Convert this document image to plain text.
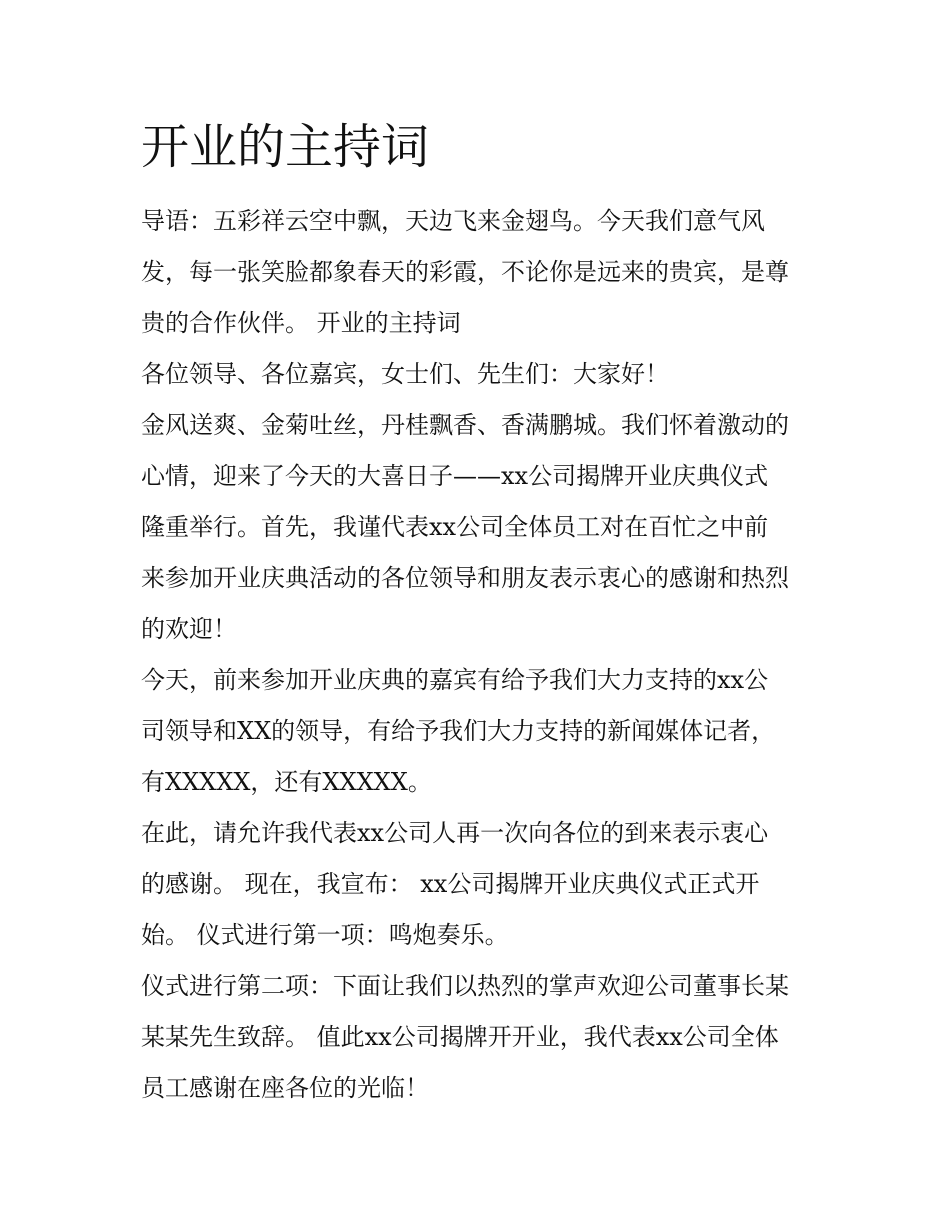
开业的主持词
导语：五彩祥云空中飘，天边飞来金翅鸟。今天我们意气风
发，每一张笑脸都象春天的彩霞，不论你是远来的贵宾，是尊
贵的合作伙伴。 开业的主持词
各位领导、各位嘉宾，女士们、先生们：大家好！
金风送爽、金菊吐丝，丹桂飘香、香满鹏城。我们怀着激动的
心情，迎来了今天的大喜日子——xx公司揭牌开业庆典仪式
隆重举行。首先，我谨代表xx公司全体员工对在百忙之中前
来参加开业庆典活动的各位领导和朋友表示衷心的感谢和热烈
的欢迎！
今天，前来参加开业庆典的嘉宾有给予我们大力支持的xx公
司领导和XX的领导，有给予我们大力支持的新闻媒体记者，
有XXXXX，还有XXXXX。
在此，请允许我代表xx公司人再一次向各位的到来表示衷心
的感谢。 现在，我宣布： xx公司揭牌开业庆典仪式正式开
始。 仪式进行第一项：鸣炮奏乐。
仪式进行第二项：下面让我们以热烈的掌声欢迎公司董事长某
某某先生致辞。 值此xx公司揭牌开开业，我代表xx公司全体
员工感谢在座各位的光临！
